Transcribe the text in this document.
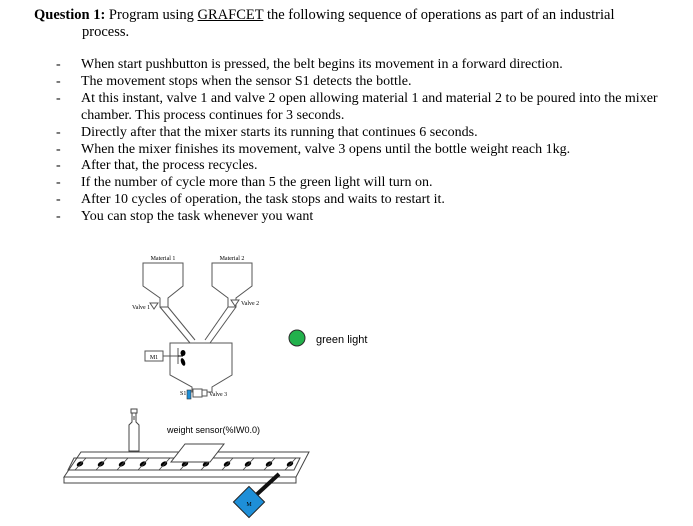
Question 1: Program using GRAFCET the following sequence of operations as part of an industrial
process.
- When start pushbutton is pressed, the belt begins its movement in a forward direction.
- The movement stops when the sensor S1 detects the bottle.
- At this instant, valve 1 and valve 2 open allowing material 1 and material 2 to be poured into the mixer chamber. This process continues for 3 seconds.
- Directly after that the mixer starts its running that continues 6 seconds.
- When the mixer finishes its movement, valve 3 opens until the bottle weight reach 1kg.
- After that, the process recycles.
- If the number of cycle more than 5 the green light will turn on.
- After 10 cycles of operation, the task stops and waits to restart it.
- You can stop the task whenever you want
Material 1	Material 2
Valve 1
Valve 2
M1
S1	Valve 3
green light
weight sensor(%IW0.0)
M
